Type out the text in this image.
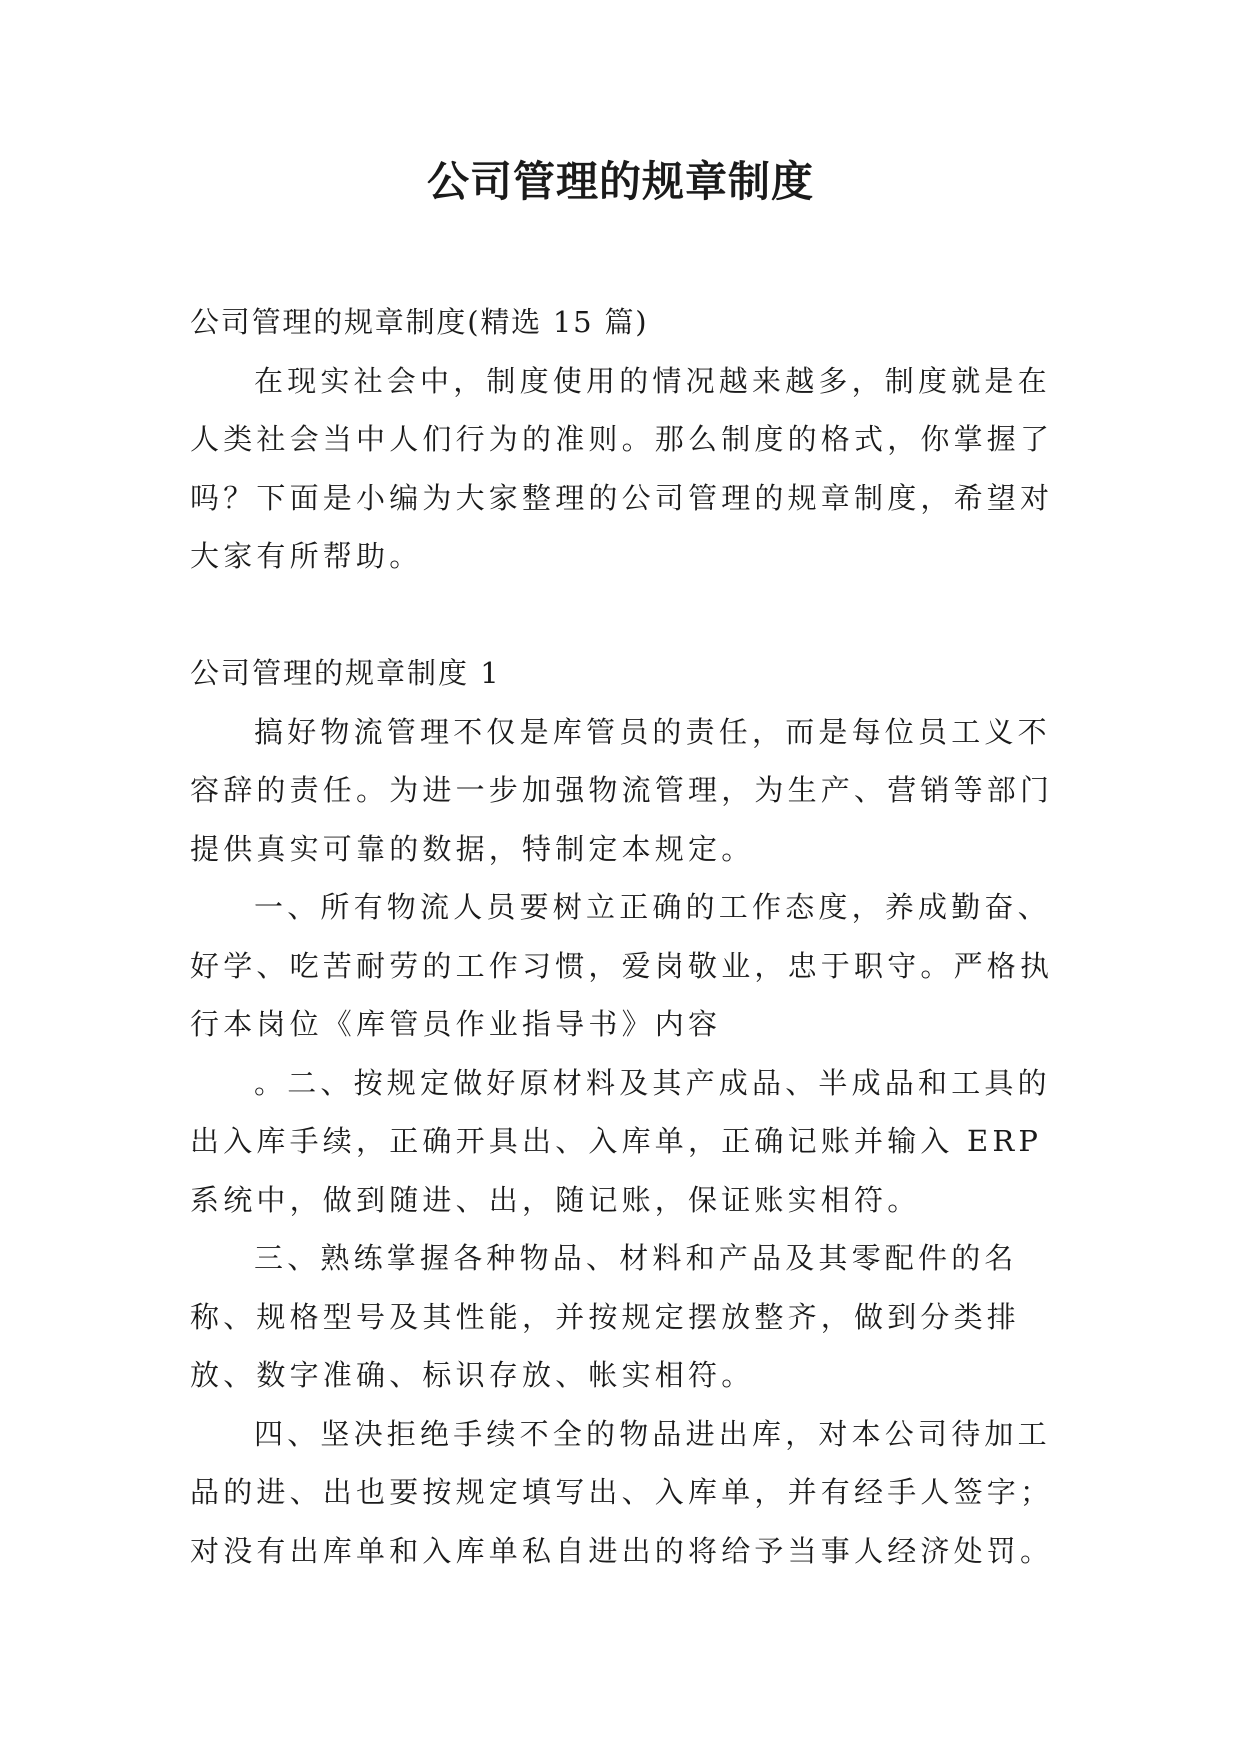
公司管理的规章制度

公司管理的规章制度(精选 15 篇)

在现实社会中，制度使用的情况越来越多，制度就是在人类社会当中人们行为的准则。那么制度的格式，你掌握了吗？下面是小编为大家整理的公司管理的规章制度，希望对大家有所帮助。

公司管理的规章制度 1

搞好物流管理不仅是库管员的责任，而是每位员工义不容辞的责任。为进一步加强物流管理，为生产、营销等部门提供真实可靠的数据，特制定本规定。

一、所有物流人员要树立正确的工作态度，养成勤奋、好学、吃苦耐劳的工作习惯，爱岗敬业，忠于职守。严格执行本岗位《库管员作业指导书》内容

。二、按规定做好原材料及其产成品、半成品和工具的出入库手续，正确开具出、入库单，正确记账并输入 ERP 系统中，做到随进、出，随记账，保证账实相符。

三、熟练掌握各种物品、材料和产品及其零配件的名称、规格型号及其性能，并按规定摆放整齐，做到分类排放、数字准确、标识存放、帐实相符。

四、坚决拒绝手续不全的物品进出库，对本公司待加工品的进、出也要按规定填写出、入库单，并有经手人签字；对没有出库单和入库单私自进出的将给予当事人经济处罚。
